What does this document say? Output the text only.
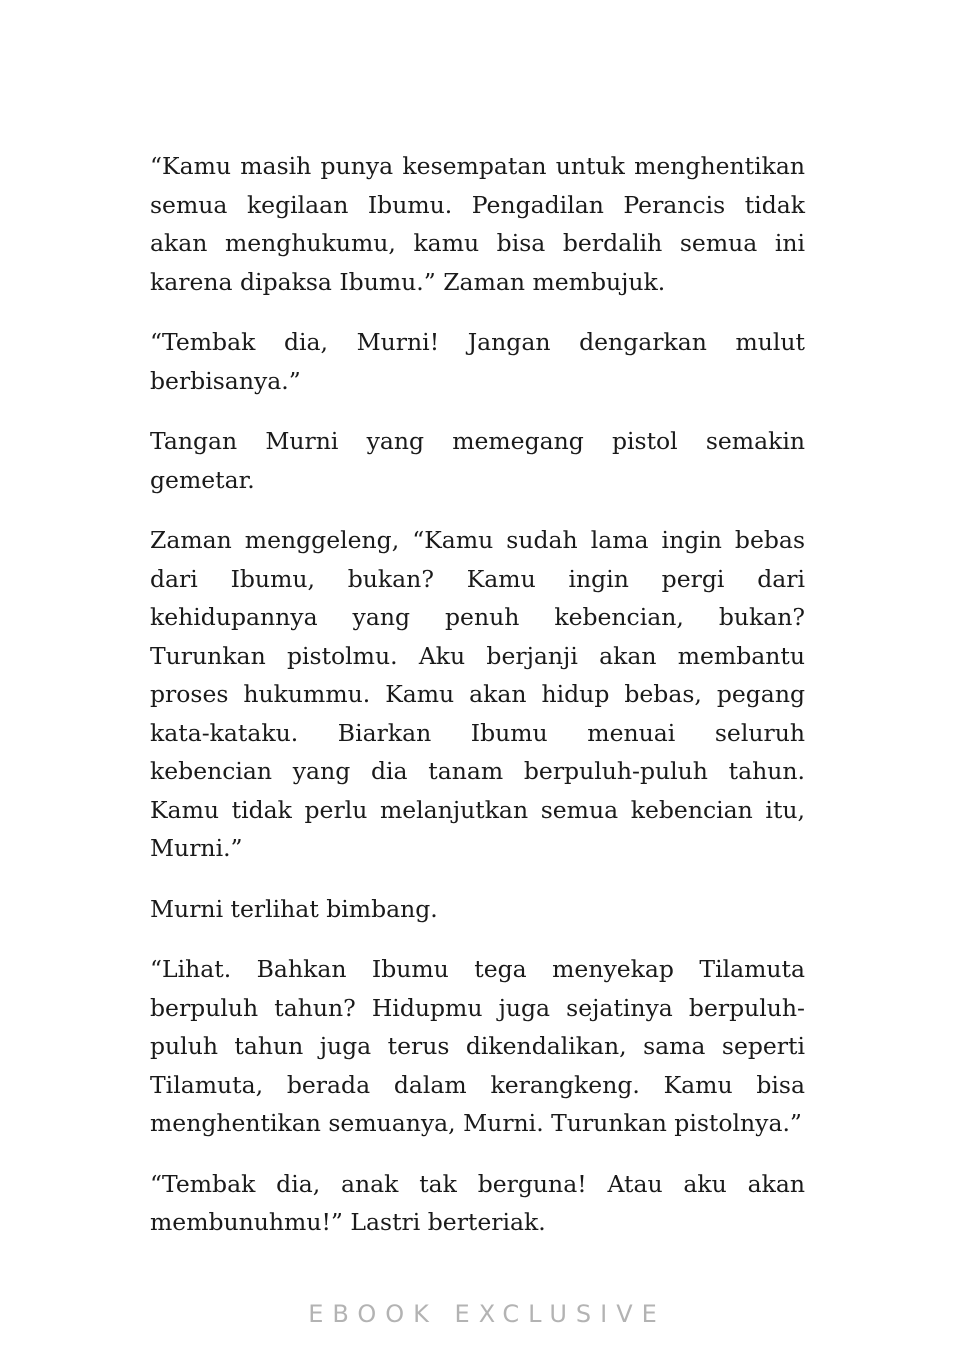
“Kamu masih punya kesempatan untuk menghentikan semua kegilaan Ibumu. Pengadilan Perancis tidak akan menghukumu, kamu bisa berdalih semua ini karena dipaksa Ibumu.” Zaman membujuk.

“Tembak dia, Murni! Jangan dengarkan mulut berbisanya.”

Tangan Murni yang memegang pistol semakin gemetar.

Zaman menggeleng, “Kamu sudah lama ingin bebas dari Ibumu, bukan? Kamu ingin pergi dari kehidupannya yang penuh kebencian, bukan? Turunkan pistolmu. Aku berjanji akan membantu proses hukummu. Kamu akan hidup bebas, pegang kata-kataku. Biarkan Ibumu menuai seluruh kebencian yang dia tanam berpuluh-puluh tahun. Kamu tidak perlu melanjutkan semua kebencian itu, Murni.”

Murni terlihat bimbang.

“Lihat. Bahkan Ibumu tega menyekap Tilamuta berpuluh tahun? Hidupmu juga sejatinya berpuluh-puluh tahun juga terus dikendalikan, sama seperti Tilamuta, berada dalam kerangkeng. Kamu bisa menghentikan semuanya, Murni. Turunkan pistolnya.”

“Tembak dia, anak tak berguna! Atau aku akan membunuhmu!” Lastri berteriak.

EBOOK EXCLUSIVE
